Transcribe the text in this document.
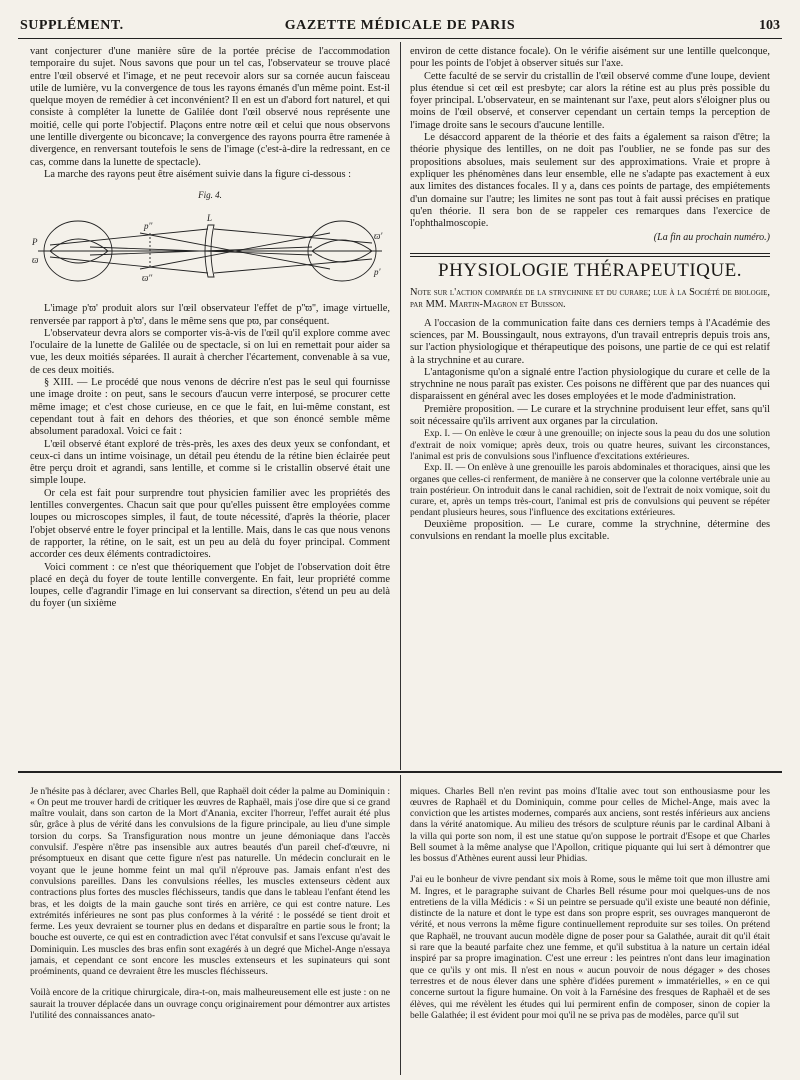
SUPPLÉMENT.	GAZETTE MÉDICALE DE PARIS	103

vant conjecturer d'une manière sûre de la portée précise de l'accommodation temporaire du sujet. Nous savons que pour un tel cas, l'observateur se trouve placé entre l'œil observé et l'image, et ne peut recevoir alors sur sa cornée aucun faisceau utile de lumière, vu la convergence de tous les rayons émanés d'un même point. Est-il quelque moyen de remédier à cet inconvénient? Il en est un d'abord fort naturel, et qui consiste à compléter la lunette de Galilée dont l'œil observé nous représente une moitié, celle qui porte l'objectif. Plaçons entre notre œil et celui que nous observons une lentille divergente ou biconcave; la convergence des rayons pourra être ramenée à divergence, en renversant toutefois le sens de l'image (c'est-à-dire la redressant, en ce cas, comme dans la lunette de spectacle).

La marche des rayons peut être aisément suivie dans la figure ci-dessous :

Fig. 4.
P
ϖ
p''
ϖ''
L
ϖ'
p'

L'image p'ϖ' produit alors sur l'œil observateur l'effet de p''ϖ'', image virtuelle, renversée par rapport à p'ϖ', dans le même sens que pϖ, par conséquent.

L'observateur devra alors se comporter vis-à-vis de l'œil qu'il explore comme avec l'oculaire de la lunette de Galilée ou de spectacle, si on lui en remettait pour aider sa vue, les deux moitiés séparées. Il aurait à chercher l'écartement, convenable à sa vue, de ces deux moitiés.

§ XIII. — Le procédé que nous venons de décrire n'est pas le seul qui fournisse une image droite : on peut, sans le secours d'aucun verre interposé, se procurer cette même image; et c'est chose curieuse, en ce que le fait, en lui-même constant, est cependant tout à fait en dehors des théories, et que son énoncé semble même absolument paradoxal. Voici ce fait :

L'œil observé étant exploré de très-près, les axes des deux yeux se confondant, et ceux-ci dans un intime voisinage, un détail peu étendu de la rétine bien éclairée peut être perçu droit et agrandi, sans lentille, et comme si le cristallin observé était une simple loupe.

Or cela est fait pour surprendre tout physicien familier avec les propriétés des lentilles convergentes. Chacun sait que pour qu'elles puissent être employées comme loupes ou microscopes simples, il faut, de toute nécessité, d'après la théorie, placer l'objet observé entre le foyer principal et la lentille. Mais, dans le cas que nous venons de rapporter, la rétine, on le sait, est un peu au delà du foyer principal. Comment accorder ces deux éléments contradictoires.

Voici comment : ce n'est que théoriquement que l'objet de l'observation doit être placé en deçà du foyer de toute lentille convergente. En fait, leur propriété comme loupes, celle d'agrandir l'image en lui conservant sa direction, s'étend un peu au delà du foyer (un sixième

environ de cette distance focale). On le vérifie aisément sur une lentille quelconque, pour les points de l'objet à observer situés sur l'axe.

Cette faculté de se servir du cristallin de l'œil observé comme d'une loupe, devient plus étendue si cet œil est presbyte; car alors la rétine est au plus près possible du foyer principal. L'observateur, en se maintenant sur l'axe, peut alors s'éloigner plus ou moins de l'œil observé, et conserver cependant un certain temps la perception de l'image droite sans le secours d'aucune lentille.

Le désaccord apparent de la théorie et des faits a également sa raison d'être; la théorie physique des lentilles, on ne doit pas l'oublier, ne se fonde pas sur des propositions absolues, mais seulement sur des approximations. Vraie et propre à expliquer les phénomènes dans leur ensemble, elle ne s'adapte pas exactement à eux aux limites des distances focales. Il y a, dans ces points de partage, des empiétements d'un domaine sur l'autre; les limites ne sont pas tout à fait aussi précises en pratique qu'en théorie. Il sera bon de se rappeler ces remarques dans l'exercice de l'ophthalmoscopie.

(La fin au prochain numéro.)
PHYSIOLOGIE THÉRAPEUTIQUE.
Note sur l'action comparée de la strychnine et du curare; lue à la Société de biologie, par MM. Martin-Magron et Buisson.

A l'occasion de la communication faite dans ces derniers temps à l'Académie des sciences, par M. Boussingault, nous extrayons, d'un travail entrepris depuis trois ans, sur l'action physiologique et thérapeutique des poisons, une partie de ce qui est relatif à la strychnine et au curare.

L'antagonisme qu'on a signalé entre l'action physiologique du curare et celle de la strychnine ne nous paraît pas exister. Ces poisons ne diffèrent que par des nuances qui disparaissent en général avec les doses employées et le mode d'administration.

Première proposition. — Le curare et la strychnine produisent leur effet, sans qu'il soit nécessaire qu'ils arrivent aux organes par la circulation.

Exp. I. — On enlève le cœur à une grenouille; on injecte sous la peau du dos une solution d'extrait de noix vomique; après deux, trois ou quatre heures, suivant les circonstances, l'animal est pris de convulsions sous l'influence d'excitations extérieures.

Exp. II. — On enlève à une grenouille les parois abdominales et thoraciques, ainsi que les organes que celles-ci renferment, de manière à ne conserver que la colonne vertébrale unie au train postérieur. On introduit dans le canal rachidien, soit de l'extrait de noix vomique, soit du curare, et, après un temps très-court, l'animal est pris de convulsions qui peuvent se répéter pendant plusieurs heures, sous l'influence des excitations extérieures.

Deuxième proposition. — Le curare, comme la strychnine, détermine des convulsions en rendant la moelle plus excitable.

Je n'hésite pas à déclarer, avec Charles Bell, que Raphaël doit céder la palme au Dominiquin : « On peut me trouver hardi de critiquer les œuvres de Raphaël, mais j'ose dire que si ce grand maître voulait, dans son carton de la Mort d'Anania, exciter l'horreur, l'effet aurait été plus sûr, grâce à plus de vérité dans les convulsions de la figure principale, au lieu d'une simple torsion du corps. Sa Transfiguration nous montre un jeune démoniaque dans l'accès convulsif. J'espère n'être pas insensible aux autres beautés d'un pareil chef-d'œuvre, ni présomptueux en disant que cette figure n'est pas naturelle. Un médecin conclurait en le voyant que le jeune homme feint un mal qu'il n'éprouve pas. Jamais enfant n'est des convulsions pareilles. Dans les convulsions réelles, les muscles extenseurs cèdent aux contractions plus fortes des muscles fléchisseurs, tandis que dans le tableau l'enfant étend les bras, et les doigts de la main gauche sont tirés en arrière, ce qui est contre nature. Les extrémités inférieures ne sont pas plus conformes à la vérité : le possédé se tient droit et ferme. Les yeux devraient se tourner plus en dedans et disparaître en partie sous le front; la bouche est ouverte, ce qui est en contradiction avec l'état convulsif et sans l'excuse qu'avait le Dominiquin. Les muscles des bras enfin sont exagérés à un degré que Michel-Ange n'essaya jamais, et cependant ce sont encore les muscles extenseurs et les supinateurs qui sont proéminents, quand ce devraient être les muscles fléchisseurs.

Voilà encore de la critique chirurgicale, dira-t-on, mais malheureusement elle est juste : on ne saurait la trouver déplacée dans un ouvrage conçu originairement pour démontrer aux artistes l'utilité des connaissances anato-

miques. Charles Bell n'en revint pas moins d'Italie avec tout son enthousiasme pour les œuvres de Raphaël et du Dominiquin, comme pour celles de Michel-Ange, mais avec la conviction que les artistes modernes, comparés aux anciens, sont restés inférieurs aux anciens dans la vérité anatomique. Au milieu des trésors de sculpture réunis par le cardinal Albani à la villa qui porte son nom, il est une statue qu'on suppose le portrait d'Esope et que Charles Bell soumet à la même analyse que l'Apollon, critique piquante qui lui sert à démontrer que les bossus d'Athènes eurent aussi leur Phidias.

J'ai eu le bonheur de vivre pendant six mois à Rome, sous le même toit que mon illustre ami M. Ingres, et le paragraphe suivant de Charles Bell résume pour moi quelques-uns de nos entretiens de la villa Médicis : « Si un peintre se persuade qu'il existe une beauté non définie, distincte de la nature et dont le type est dans son propre esprit, ses ouvrages manqueront de vérité, et nous verrons la même figure continuellement reproduite sur ses toiles. On prétend que Raphaël, ne trouvant aucun modèle digne de poser pour sa Galathée, aurait dit qu'il était si rare que la beauté parfaite chez une femme, et qu'il substitua à la nature un certain idéal inspiré par sa propre imagination. C'est une erreur : les peintres n'ont dans leur imagination que ce qu'ils y ont mis. Il n'est en nous « aucun pouvoir de nous dégager » des choses terrestres et de nous élever dans une sphère d'idées purement » immatérielles, » en ce qui concerne surtout la figure humaine. On voit à la Farnésine des fresques de Raphaël et de ses élèves, qui me révèlent les études qui lui permirent enfin de composer, sinon de copier la belle Galathée; il est évident pour moi qu'il ne se priva pas de modèles, parce qu'il sut
